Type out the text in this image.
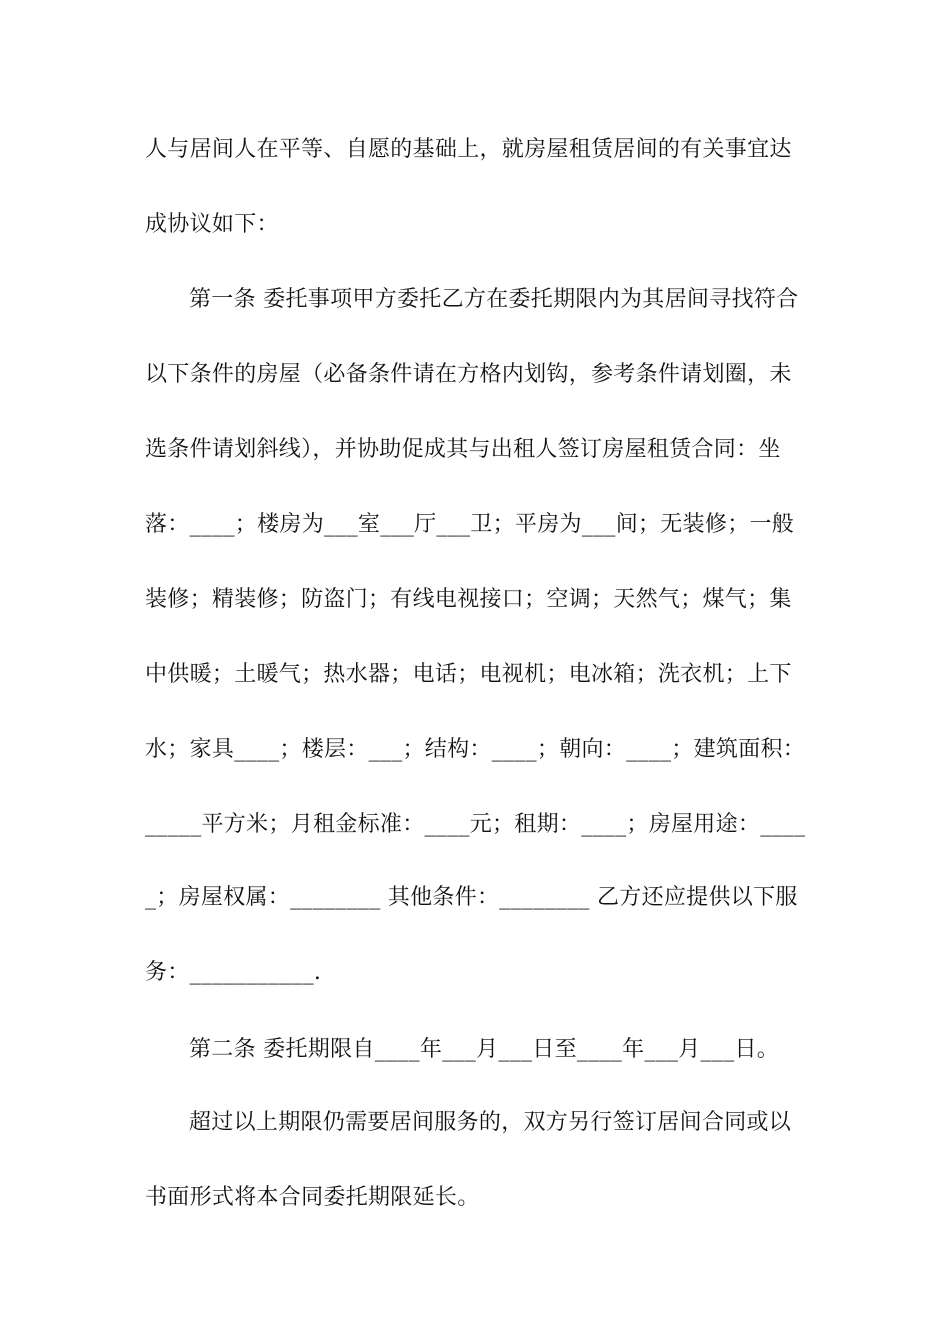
人与居间人在平等、自愿的基础上，就房屋租赁居间的有关事宜达
成协议如下：
第一条 委托事项甲方委托乙方在委托期限内为其居间寻找符合
以下条件的房屋（必备条件请在方格内划钩，参考条件请划圈，未
选条件请划斜线），并协助促成其与出租人签订房屋租赁合同：坐
落：____；楼房为___室___厅___卫；平房为___间；无装修；一般
装修；精装修；防盗门；有线电视接口；空调；天然气；煤气；集
中供暖；土暖气；热水器；电话；电视机；电冰箱；洗衣机；上下
水；家具____；楼层：___；结构：____；朝向：____；建筑面积：
_____平方米；月租金标准：____元；租期：____；房屋用途：____
_；房屋权属：________ 其他条件：________ 乙方还应提供以下服
务：___________.
第二条 委托期限自____年___月___日至____年___月___日。
超过以上期限仍需要居间服务的，双方另行签订居间合同或以
书面形式将本合同委托期限延长。
